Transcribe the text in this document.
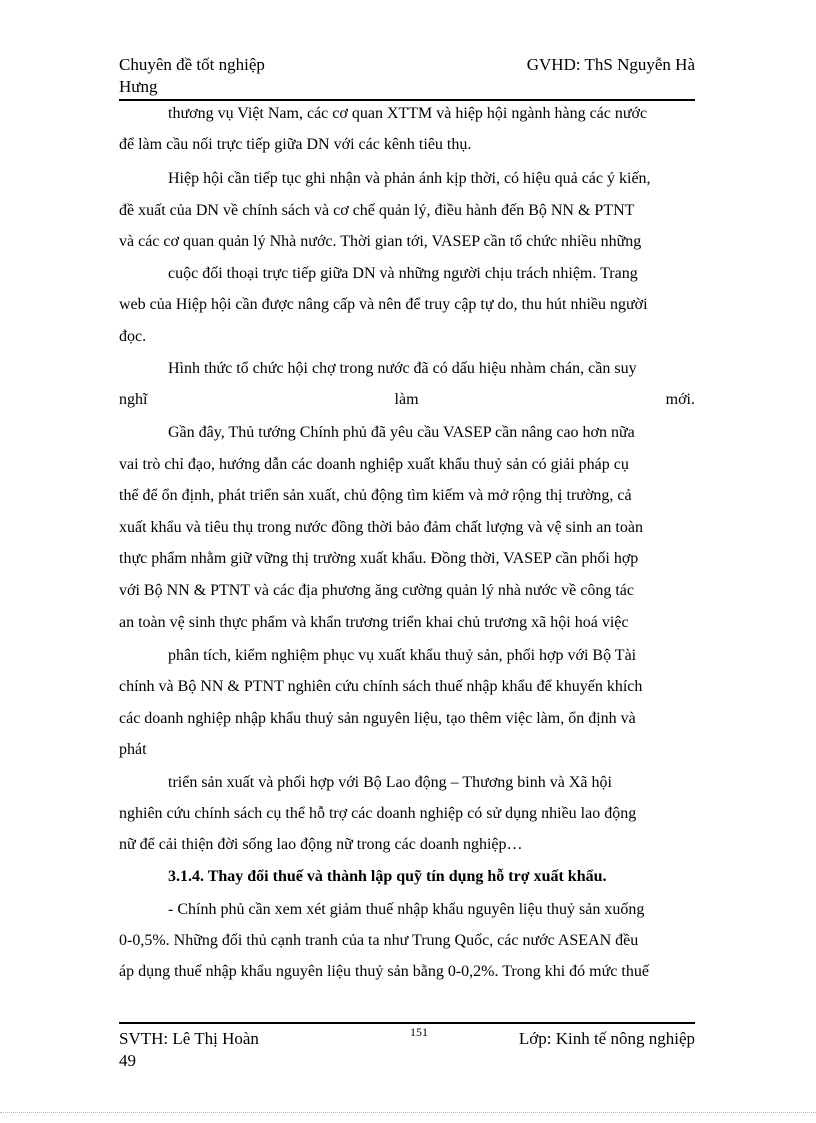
Chuyên đề tốt nghiệp
Hưng
GVHD: ThS Nguyễn Hà
thương vụ Việt Nam, các cơ quan XTTM và hiệp hội ngành hàng các nước
để làm cầu nối trực tiếp giữa DN với các kênh tiêu thụ.
Hiệp hội cần tiếp tục ghi nhận và phản ánh kịp thời, có hiệu quả các ý kiến,
đề xuất của DN về chính sách và cơ chế quản lý, điều hành đến Bộ NN & PTNT
và các cơ quan quản lý Nhà nước. Thời gian tới, VASEP cần tổ chức nhiều những
cuộc đối thoại trực tiếp giữa DN và những người chịu trách nhiệm. Trang
web của Hiệp hội cần được nâng cấp và nên để truy cập tự do, thu hút nhiều người
đọc.
Hình thức tổ chức hội chợ trong nước đã có dấu hiệu nhàm chán, cần suy
nghĩ làm mới.
Gần đây, Thủ tướng Chính phủ đã yêu cầu VASEP cần nâng cao hơn nữa
vai trò chỉ đạo, hướng dẫn các doanh nghiệp xuất khẩu thuỷ sản có giải pháp cụ
thể để ổn định, phát triển sản xuất, chủ động tìm kiếm và mở rộng thị trường, cả
xuất khẩu và tiêu thụ trong nước đồng thời bảo đảm chất lượng và vệ sinh an toàn
thực phẩm nhằm giữ vững thị trường xuất khẩu. Đồng thời, VASEP cần phối hợp
với Bộ NN & PTNT và các địa phương ăng cường quản lý nhà nước về công tác
an toàn vệ sinh thực phẩm và khẩn trương triển khai chủ trương xã hội hoá việc
phân tích, kiểm nghiệm phục vụ xuất khẩu thuỷ sản, phối hợp với Bộ Tài
chính và Bộ NN & PTNT nghiên cứu chính sách thuế nhập khẩu để khuyến khích
các doanh nghiệp nhập khẩu thuỷ sản nguyên liệu, tạo thêm việc làm, ổn định và
phát
triển sản xuất và phối hợp với Bộ Lao động – Thương binh và Xã hội
nghiên cứu chính sách cụ thể hỗ trợ các doanh nghiệp có sử dụng nhiều lao động
nữ để cải thiện đời sống lao động nữ trong các doanh nghiệp…
3.1.4. Thay đổi thuế và thành lập quỹ tín dụng hỗ trợ xuất khẩu.
- Chính phủ cần xem xét giảm thuế nhập khẩu nguyên liệu thuỷ sản xuống
0-0,5%. Những đối thủ cạnh tranh của ta như Trung Quốc, các nước ASEAN đều
áp dụng thuế nhập khẩu nguyên liệu thuỷ sản bằng 0-0,2%. Trong khi đó mức thuế
SVTH: Lê Thị Hoàn
49
151	Lớp: Kinh tế nông nghiệp
